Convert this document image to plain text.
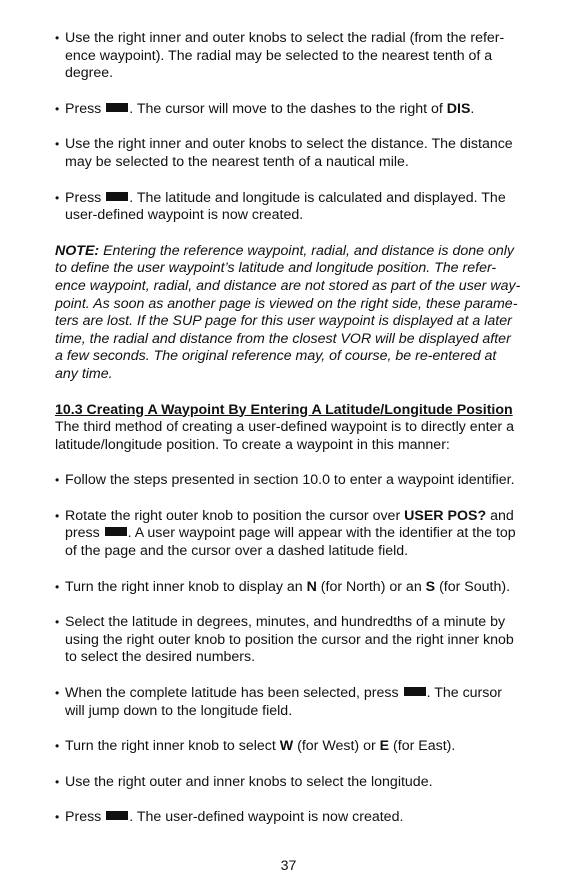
• Use the right inner and outer knobs to select the radial (from the refer-
ence waypoint). The radial may be selected to the nearest tenth of a
degree.
• Press . The cursor will move to the dashes to the right of DIS.
• Use the right inner and outer knobs to select the distance. The distance
may be selected to the nearest tenth of a nautical mile.
• Press . The latitude and longitude is calculated and displayed. The
user-defined waypoint is now created.
NOTE: Entering the reference waypoint, radial, and distance is done only
to define the user waypoint’s latitude and longitude position. The refer-
ence waypoint, radial, and distance are not stored as part of the user way-
point. As soon as another page is viewed on the right side, these parame-
ters are lost. If the SUP page for this user waypoint is displayed at a later
time, the radial and distance from the closest VOR will be displayed after
a few seconds. The original reference may, of course, be re-entered at
any time.
10.3 Creating A Waypoint By Entering A Latitude/Longitude Position
The third method of creating a user-defined waypoint is to directly enter a
latitude/longitude position. To create a waypoint in this manner:
• Follow the steps presented in section 10.0 to enter a waypoint identifier.
• Rotate the right outer knob to position the cursor over USER POS? and
press . A user waypoint page will appear with the identifier at the top
of the page and the cursor over a dashed latitude field.
• Turn the right inner knob to display an N (for North) or an S (for South).
• Select the latitude in degrees, minutes, and hundredths of a minute by
using the right outer knob to position the cursor and the right inner knob
to select the desired numbers.
• When the complete latitude has been selected, press . The cursor
will jump down to the longitude field.
• Turn the right inner knob to select W (for West) or E (for East).
• Use the right outer and inner knobs to select the longitude.
• Press . The user-defined waypoint is now created.
37
